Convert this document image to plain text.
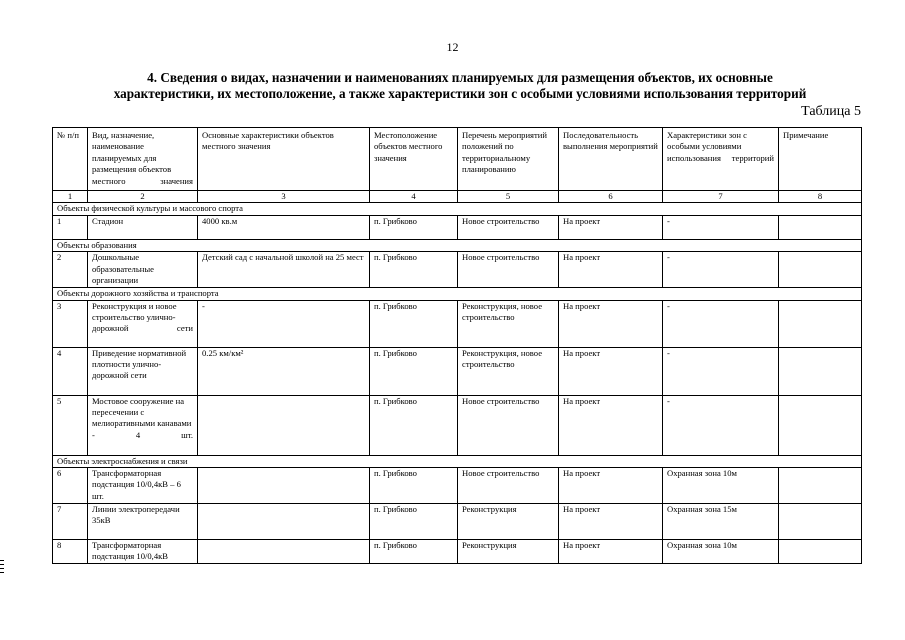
12
4. Сведения о видах, назначении и наименованиях планируемых для размещения объектов, их основные
характеристики, их местоположение, а также характеристики зон с особыми условиями использования территорий
Таблица 5
№ п/п	Вид, назначение, наименование планируемых для размещения объектов местного значения	Основные характеристики объектов местного значения	Местоположение объектов местного значения	Перечень мероприятий положений по территориальному планированию	Последовательность выполнения мероприятий	Характеристики зон с особыми условиями использования территорий	Примечание
1	2	3	4	5	6	7	8
Объекты физической культуры и массового спорта							
1	Стадион	4000 кв.м	п. Грибково	Новое строительство	На проект	-	
Объекты образования							
2	Дошкольные образовательные организации	Детский сад с начальной школой на 25 мест	п. Грибково	Новое строительство	На проект	-	
Объекты дорожного хозяйства и транспорта							
3	Реконструкция и новое строительство улично-дорожной сети	-	п. Грибково	Реконструкция, новое строительство	На проект	-	
4	Приведение нормативной плотности улично-дорожной сети	0.25 км/км²	п. Грибково	Реконструкция, новое строительство	На проект	-	
5	Мостовое сооружение на пересечении с мелиоративными канавами - 4 шт.		п. Грибково	Новое строительство	На проект	-	
Объекты электроснабжения и связи							
6	Трансформаторная подстанция 10/0,4кВ – 6 шт.		п. Грибково	Новое строительство	На проект	Охранная зона 10м	
7	Линии электропередачи 35кВ		п. Грибково	Реконструкция	На проект	Охранная зона 15м	
8	Трансформаторная подстанция 10/0,4кВ		п. Грибково	Реконструкция	На проект	Охранная зона 10м	
